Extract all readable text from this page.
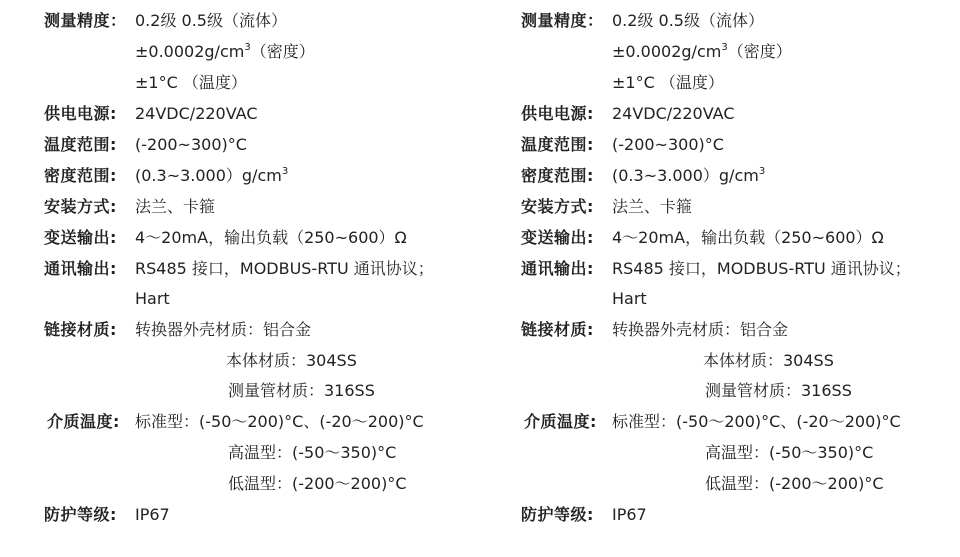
测量精度： 0.2级 0.5级（流体）
$\pm 0.0002g/cm^3$（密度）
±1°C （温度）
供电电源: 24VDC/220VAC
温度范围: (-200~300)°C
密度范围: $(0.3\sim 3.000)g/cm^3$
安装方式: 法兰、卡箍
变送输出: 4～20mA，输出负载（250~600）Ω
通讯输出: RS485 接口，MODBUS-RTU 通讯协议；
Hart
链接材质: 转换器外壳材质：铝合金
本体材质：304SS
测量管材质：316SS
介质温度: 标准型：(-50～200)°C、(-20～200)°C
高温型：(-50～350)°C
低温型：(-200～200)°C
防护等级: IP67
测量精度： 0.2级 0.5级（流体）
$\pm 0.0002g/cm^3$（密度）
±1°C （温度）
供电电源: 24VDC/220VAC
温度范围: (-200~300)°C
密度范围: $(0.3\sim 3.000)g/cm^3$
安装方式: 法兰、卡箍
变送输出: 4～20mA，输出负载（250~600）Ω
通讯输出: RS485 接口，MODBUS-RTU 通讯协议；
Hart
链接材质: 转换器外壳材质：铝合金
本体材质：304SS
测量管材质：316SS
介质温度: 标准型：(-50～200)°C、(-20～200)°C
高温型：(-50～350)°C
低温型：(-200～200)°C
防护等级: IP67
